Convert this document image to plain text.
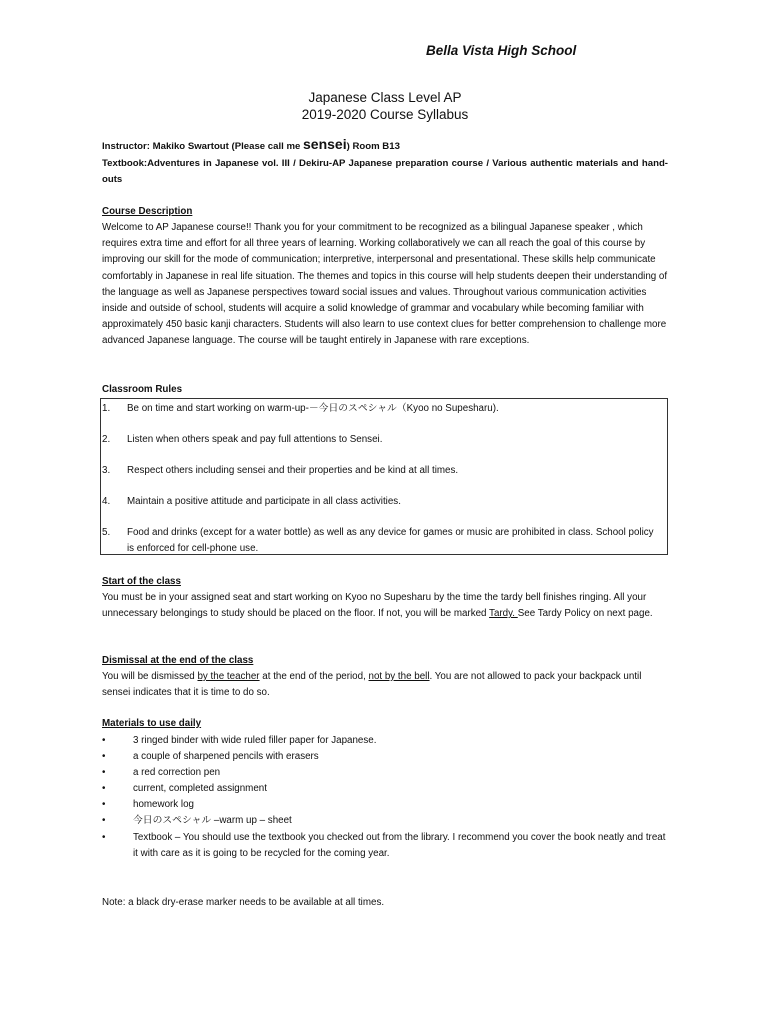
Bella Vista High School
Japanese Class Level AP
2019-2020 Course Syllabus
Instructor: Makiko Swartout (Please call me sensei) Room B13
Textbook:Adventures in Japanese vol. III / Dekiru-AP Japanese preparation course / Various authentic materials and hand-outs
Course Description

Welcome to AP Japanese course!! Thank you for your commitment to be recognized as a bilingual Japanese speaker , which requires extra time and effort for all three years of learning. Working collaboratively we can all reach the goal of this course by improving our skill for the mode of communication; interpretive, interpersonal and presentational. These skills help communicate comfortably in Japanese in real life situation. The themes and topics in this course will help students deepen their understanding of the language as well as Japanese perspectives toward social issues and values. Throughout various communication activities inside and outside of school, students will acquire a solid knowledge of grammar and vocabulary while becoming familiar with approximately 450 basic kanji characters. Students will also learn to use context clues for better comprehension to challenge more advanced Japanese language. The course will be taught entirely in Japanese with rare exceptions.

Classroom Rules
1. Be on time and start working on warm-up-－今日のスペシャル（Kyoo no Supesharu).
2. Listen when others speak and pay full attentions to Sensei.
3. Respect others including sensei and their properties and be kind at all times.
4. Maintain a positive attitude and participate in all class activities.
5. Food and drinks (except for a water bottle) as well as any device for games or music are prohibited in class. School policy is enforced for cell-phone use.
Start of the class

You must be in your assigned seat and start working on Kyoo no Supesharu by the time the tardy bell finishes ringing. All your unnecessary belongings to study should be placed on the floor. If not, you will be marked Tardy. See Tardy Policy on next page.

Dismissal at the end of the class

You will be dismissed by the teacher at the end of the period, not by the bell. You are not allowed to pack your backpack until sensei indicates that it is time to do so.

Materials to use daily
•	3 ringed binder with wide ruled filler paper for Japanese.
•	a couple of sharpened pencils with erasers
•	a red correction pen
•	current, completed assignment
•	homework log
•	今日のスペシャル –warm up – sheet
•	Textbook – You should use the textbook you checked out from the library. I recommend you cover the book neatly and treat it with care as it is going to be recycled for the coming year.
Note: a black dry-erase marker needs to be available at all times.
